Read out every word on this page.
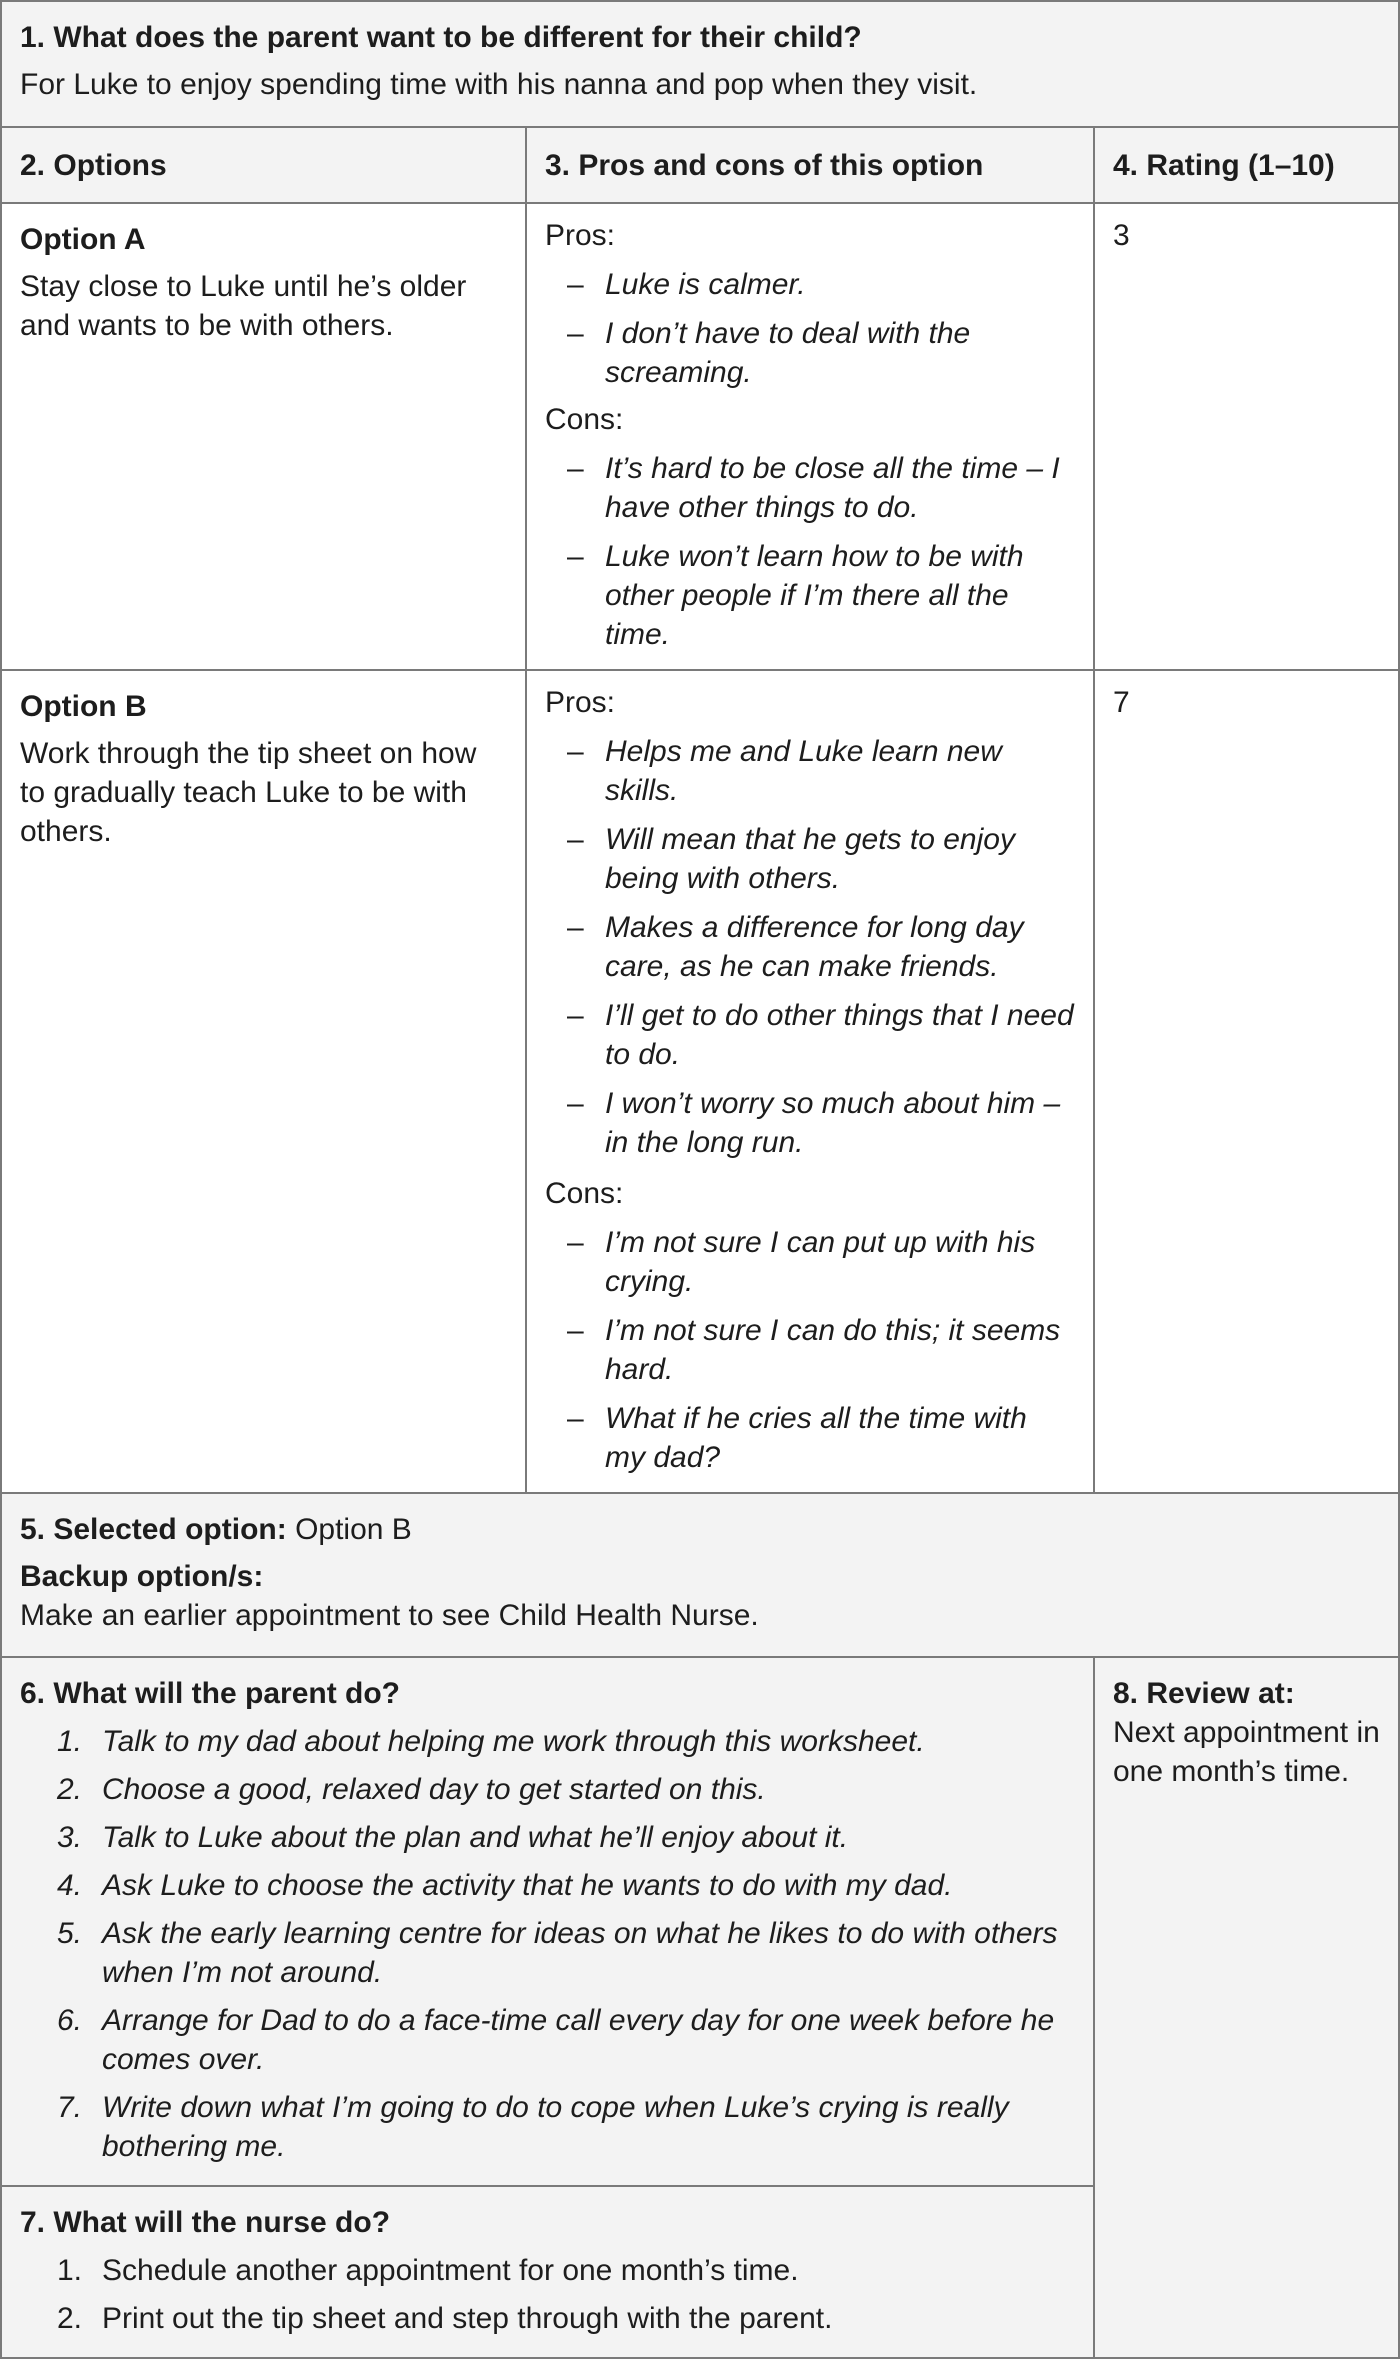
1. What does the parent want to be different for their child?
For Luke to enjoy spending time with his nanna and pop when they visit.
2. Options	3. Pros and cons of this option	4. Rating (1–10)
Option A
Stay close to Luke until he’s older and wants to be with others.
Pros:
– Luke is calmer.
– I don’t have to deal with the screaming.
Cons:
– It’s hard to be close all the time – I have other things to do.
– Luke won’t learn how to be with other people if I’m there all the time.
3
Option B
Work through the tip sheet on how to gradually teach Luke to be with others.
Pros:
– Helps me and Luke learn new skills.
– Will mean that he gets to enjoy being with others.
– Makes a difference for long day care, as he can make friends.
– I’ll get to do other things that I need to do.
– I won’t worry so much about him – in the long run.
Cons:
– I’m not sure I can put up with his crying.
– I’m not sure I can do this; it seems hard.
– What if he cries all the time with my dad?
7
5. Selected option: Option B
Backup option/s:
Make an earlier appointment to see Child Health Nurse.
6. What will the parent do?
1. Talk to my dad about helping me work through this worksheet.
2. Choose a good, relaxed day to get started on this.
3. Talk to Luke about the plan and what he’ll enjoy about it.
4. Ask Luke to choose the activity that he wants to do with my dad.
5. Ask the early learning centre for ideas on what he likes to do with others when I’m not around.
6. Arrange for Dad to do a face-time call every day for one week before he comes over.
7. Write down what I’m going to do to cope when Luke’s crying is really bothering me.
7. What will the nurse do?
1. Schedule another appointment for one month’s time.
2. Print out the tip sheet and step through with the parent.
8. Review at:
Next appointment in one month’s time.
